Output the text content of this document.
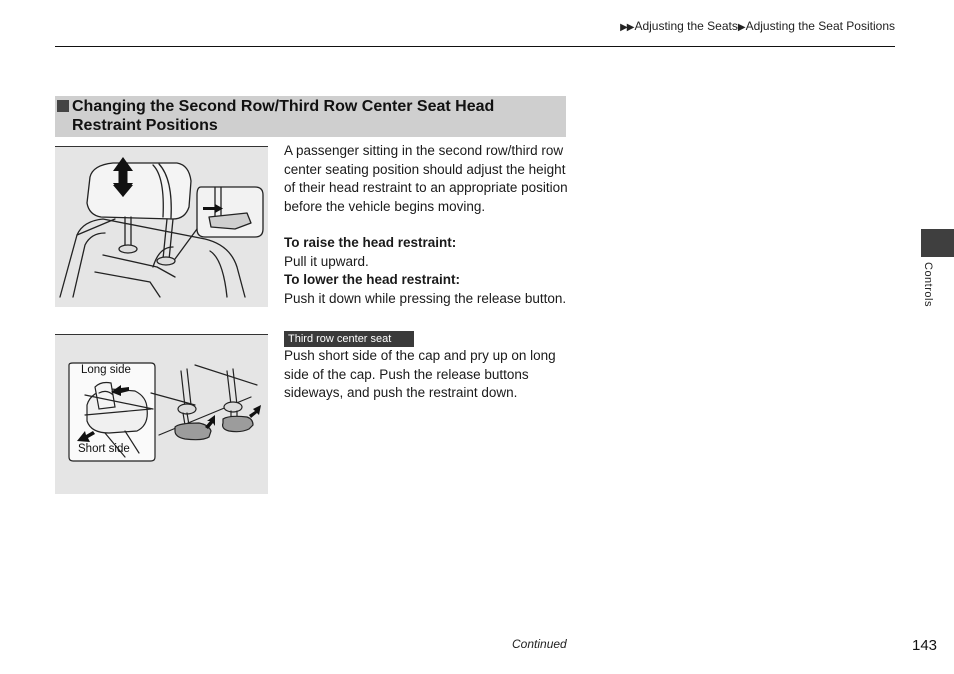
▶▶Adjusting the Seats▶Adjusting the Seat Positions
Changing the Second Row/Third Row Center Seat Head Restraint Positions
Long side
Short side
A passenger sitting in the second row/third row center seating position should adjust the height of their head restraint to an appropriate position before the vehicle begins moving.
To raise the head restraint:
Pull it upward.
To lower the head restraint:
Push it down while pressing the release button.
Third row center seat
Push short side of the cap and pry up on long side of the cap. Push the release buttons sideways, and push the restraint down.
Controls
Continued	143
